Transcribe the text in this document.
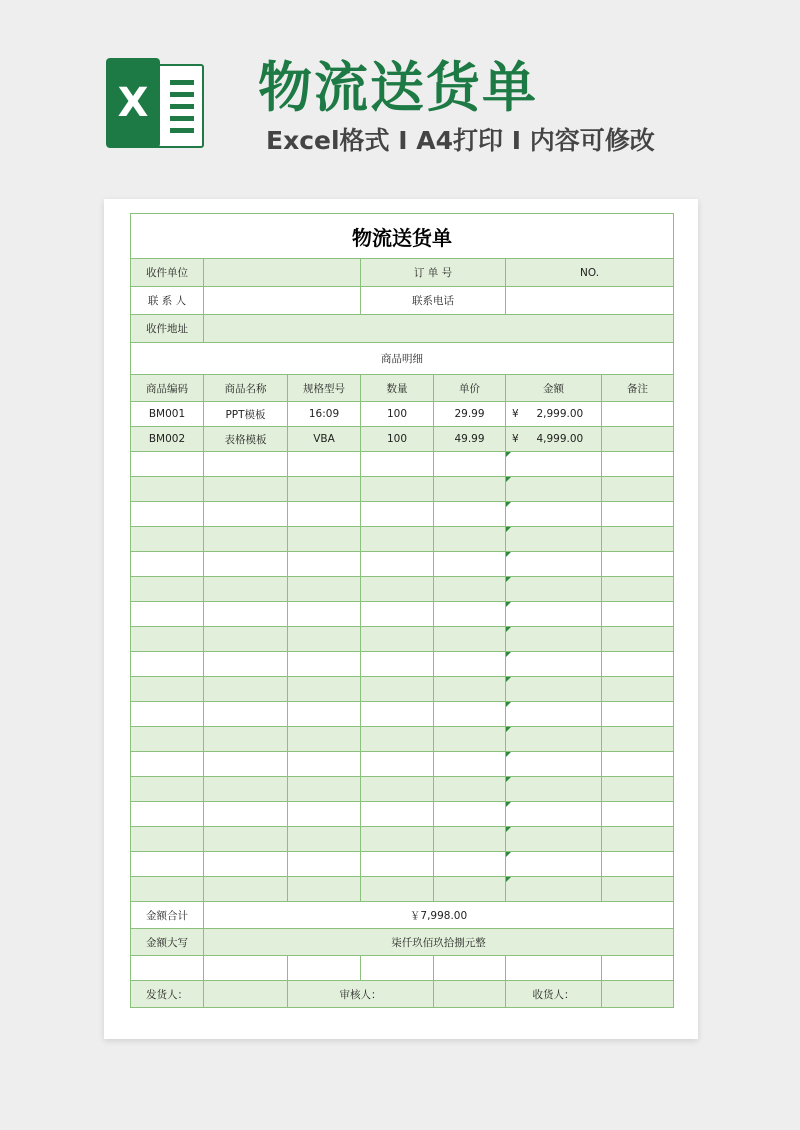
X 物流送货单
Excel格式 I A4打印 I 内容可修改
物流送货单						
收件单位			订 单 号		NO.	
联 系 人			联系电话			
收件地址						
商品明细						
商品编码	商品名称	规格型号	数量	单价	金额	备注
BM001	PPT模板	16:09	100	29.99	¥ 2,999.00	
BM002	表格模板	VBA	100	49.99	¥ 4,999.00	

金额合计	￥7,998.00					
金额大写	柒仟玖佰玖拾捌元整					

发货人：		审核人：			收货人：	
